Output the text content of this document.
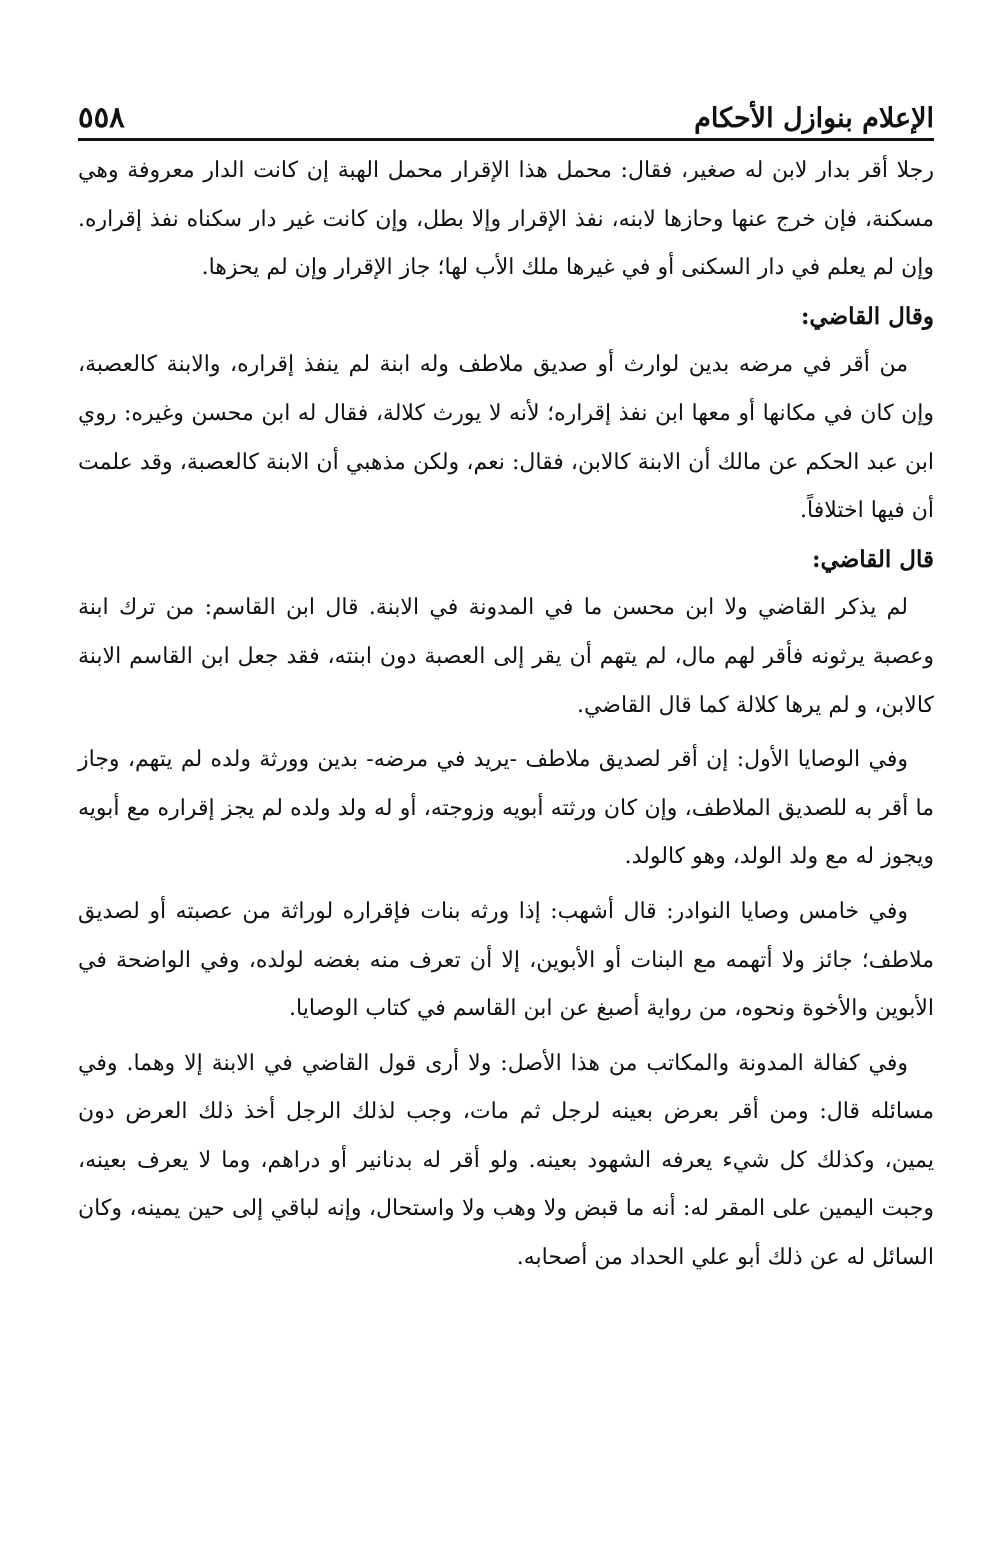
الإعلام بنوازل الأحكام
٥٥٨

رجلا أقر بدار لابن له صغير، فقال: محمل هذا الإقرار محمل الهبة إن كانت الدار معروفة وهي مسكنة، فإن خرج عنها وحازها لابنه، نفذ الإقرار وإلا بطل، وإن كانت غير دار سكناه نفذ إقراره. وإن لم يعلم في دار السكنى أو في غيرها ملك الأب لها؛ جاز الإقرار وإن لم يحزها.

وقال القاضي:

من أقر في مرضه بدين لوارث أو صديق ملاطف وله ابنة لم ينفذ إقراره، والابنة كالعصبة، وإن كان في مكانها أو معها ابن نفذ إقراره؛ لأنه لا يورث كلالة، فقال له ابن محسن وغيره: روي ابن عبد الحكم عن مالك أن الابنة كالابن، فقال: نعم، ولكن مذهبي أن الابنة كالعصبة، وقد علمت أن فيها اختلافاً.

قال القاضي:

لم يذكر القاضي ولا ابن محسن ما في المدونة في الابنة. قال ابن القاسم: من ترك ابنة وعصبة يرثونه فأقر لهم مال، لم يتهم أن يقر إلى العصبة دون ابنته، فقد جعل ابن القاسم الابنة كالابن، و لم يرها كلالة كما قال القاضي.

وفي الوصايا الأول: إن أقر لصديق ملاطف -يريد في مرضه- بدين وورثة ولده لم يتهم، وجاز ما أقر به للصديق الملاطف، وإن كان ورثته أبويه وزوجته، أو له ولد ولده لم يجز إقراره مع أبويه ويجوز له مع ولد الولد، وهو كالولد.

وفي خامس وصايا النوادر: قال أشهب: إذا ورثه بنات فإقراره لوراثة من عصبته أو لصديق ملاطف؛ جائز ولا أتهمه مع البنات أو الأبوين، إلا أن تعرف منه بغضه لولده، وفي الواضحة في الأبوين والأخوة ونحوه، من رواية أصبغ عن ابن القاسم في كتاب الوصايا.

وفي كفالة المدونة والمكاتب من هذا الأصل: ولا أرى قول القاضي في الابنة إلا وهما. وفي مسائله قال: ومن أقر بعرض بعينه لرجل ثم مات، وجب لذلك الرجل أخذ ذلك العرض دون يمين، وكذلك كل شيء يعرفه الشهود بعينه. ولو أقر له بدنانير أو دراهم، وما لا يعرف بعينه، وجبت اليمين على المقر له: أنه ما قبض ولا وهب ولا واستحال، وإنه لباقي إلى حين يمينه، وكان السائل له عن ذلك أبو علي الحداد من أصحابه.
